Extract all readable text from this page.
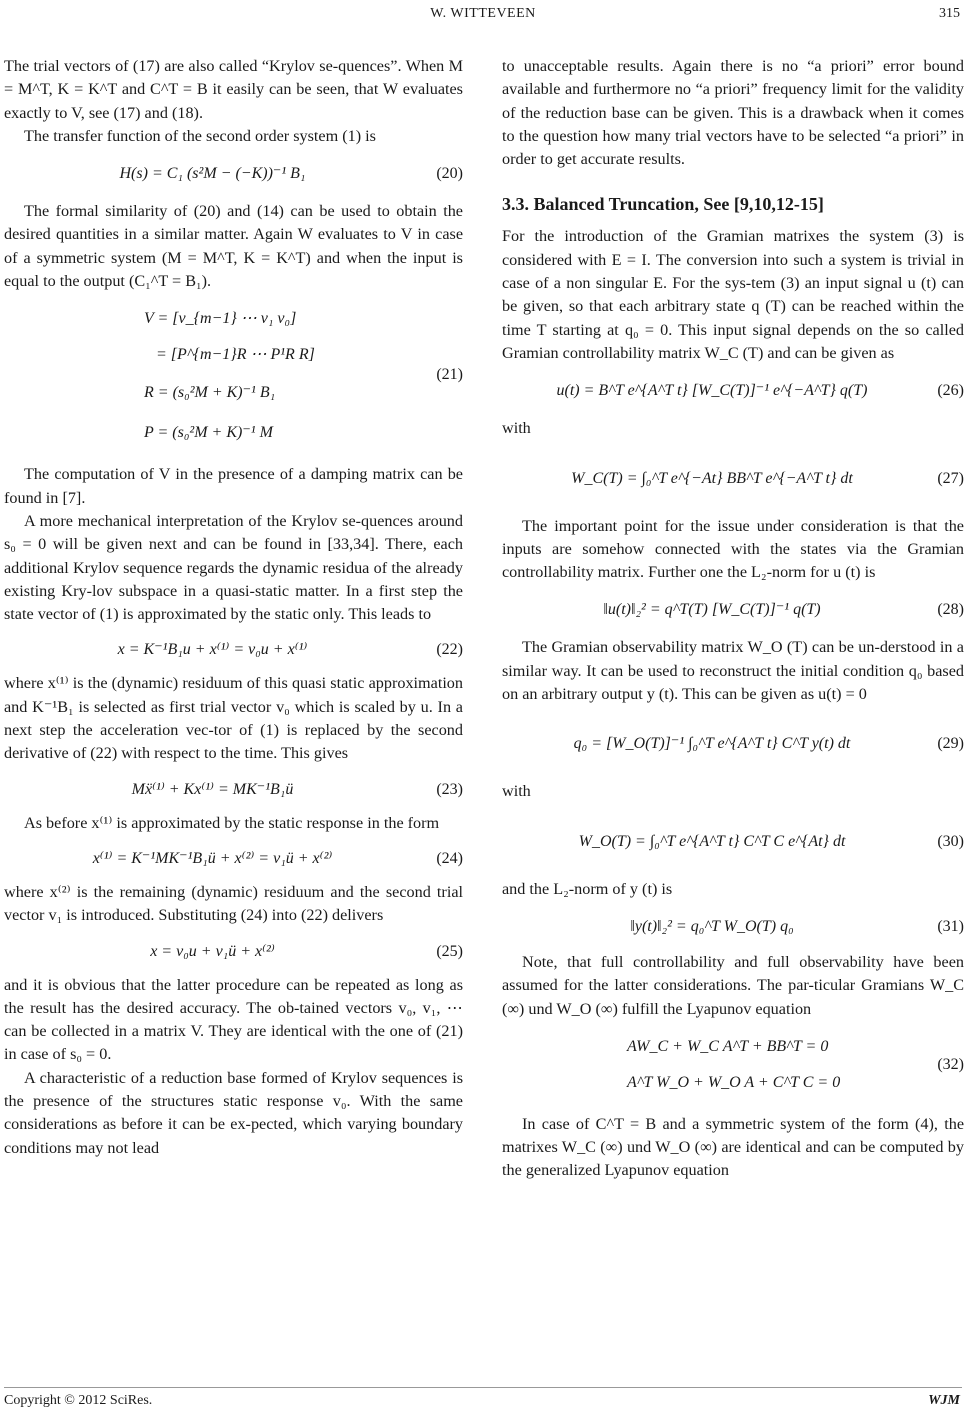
W. WITTEVEEN	315

The trial vectors of (17) are also called “Krylov se-quences”. When M = M^T, K = K^T and C^T = B it easily can be seen, that W evaluates exactly to V, see (17) and (18).

The transfer function of the second order system (1) is

H(s) = C₁ (s²M − (−K))⁻¹ B₁	(20)

The formal similarity of (20) and (14) can be used to obtain the desired quantities in a similar matter. Again W evaluates to V in case of a symmetric system (M = M^T, K = K^T) and when the input is equal to the output (C₁^T = B₁).

V = [v_{m−1} ⋯ v₁ v₀]
= [P^{m−1}R ⋯ P¹R R]
R = (s₀²M + K)⁻¹ B₁
P = (s₀²M + K)⁻¹ M
(21)

The computation of V in the presence of a damping matrix can be found in [7].

A more mechanical interpretation of the Krylov se-quences around s₀ = 0 will be given next and can be found in [33,34]. There, each additional Krylov sequence regards the dynamic residua of the already existing Kry-lov subspace in a quasi-static matter. In a first step the state vector of (1) is approximated by the static only. This leads to

x = K⁻¹B₁u + x⁽¹⁾ = v₀u + x⁽¹⁾	(22)

where x⁽¹⁾ is the (dynamic) residuum of this quasi static approximation and K⁻¹B₁ is selected as first trial vector v₀ which is scaled by u. In a next step the acceleration vec-tor of (1) is replaced by the second derivative of (22) with respect to the time. This gives

Mẍ⁽¹⁾ + Kx⁽¹⁾ = MK⁻¹B₁ü	(23)

As before x⁽¹⁾ is approximated by the static response in the form

x⁽¹⁾ = K⁻¹MK⁻¹B₁ü + x⁽²⁾ = v₁ü + x⁽²⁾	(24)

where x⁽²⁾ is the remaining (dynamic) residuum and the second trial vector v₁ is introduced. Substituting (24) into (22) delivers

x = v₀u + v₁ü + x⁽²⁾	(25)

and it is obvious that the latter procedure can be repeated as long as the result has the desired accuracy. The ob-tained vectors v₀, v₁, ⋯ can be collected in a matrix V. They are identical with the one of (21) in case of s₀ = 0.

A characteristic of a reduction base formed of Krylov sequences is the presence of the structures static response v₀. With the same considerations as before it can be ex-pected, which varying boundary conditions may not lead

to unacceptable results. Again there is no “a priori” error bound available and furthermore no “a priori” frequency limit for the validity of the reduction base can be given. This is a drawback when it comes to the question how many trial vectors have to be selected “a priori” in order to get accurate results.

3.3. Balanced Truncation, See [9,10,12-15]

For the introduction of the Gramian matrixes the system (3) is considered with E = I. The conversion into such a system is trivial in case of a non singular E. For the sys-tem (3) an input signal u (t) can be given, so that each arbitrary state q (T) can be reached within the time T starting at q₀ = 0. This input signal depends on the so called Gramian controllability matrix W_C (T) and can be given as

u(t) = B^T e^{A^T t} [W_C(T)]⁻¹ e^{−A^T} q(T)	(26)

with

W_C(T) = ∫₀^T e^{−At} BB^T e^{−A^T t} dt	(27)

The important point for the issue under consideration is that the inputs are somehow connected with the states via the Gramian controllability matrix. Further one the L₂-norm for u (t) is

‖u(t)‖₂² = q^T(T) [W_C(T)]⁻¹ q(T)	(28)

The Gramian observability matrix W_O (T) can be un-derstood in a similar way. It can be used to reconstruct the initial condition q₀ based on an arbitrary output y (t). This can be given as u(t) = 0

q₀ = [W_O(T)]⁻¹ ∫₀^T e^{A^T t} C^T y(t) dt	(29)

with

W_O(T) = ∫₀^T e^{A^T t} C^T C e^{At} dt	(30)

and the L₂-norm of y (t) is

‖y(t)‖₂² = q₀^T W_O(T) q₀	(31)

Note, that full controllability and full observability have been assumed for the latter considerations. The par-ticular Gramians W_C (∞) und W_O (∞) fulfill the Lyapunov equation

AW_C + W_C A^T + BB^T = 0
A^T W_O + W_O A + C^T C = 0
(32)

In case of C^T = B and a symmetric system of the form (4), the matrixes W_C (∞) und W_O (∞) are identical and can be computed by the generalized Lyapunov equation

Copyright © 2012 SciRes.	WJM
